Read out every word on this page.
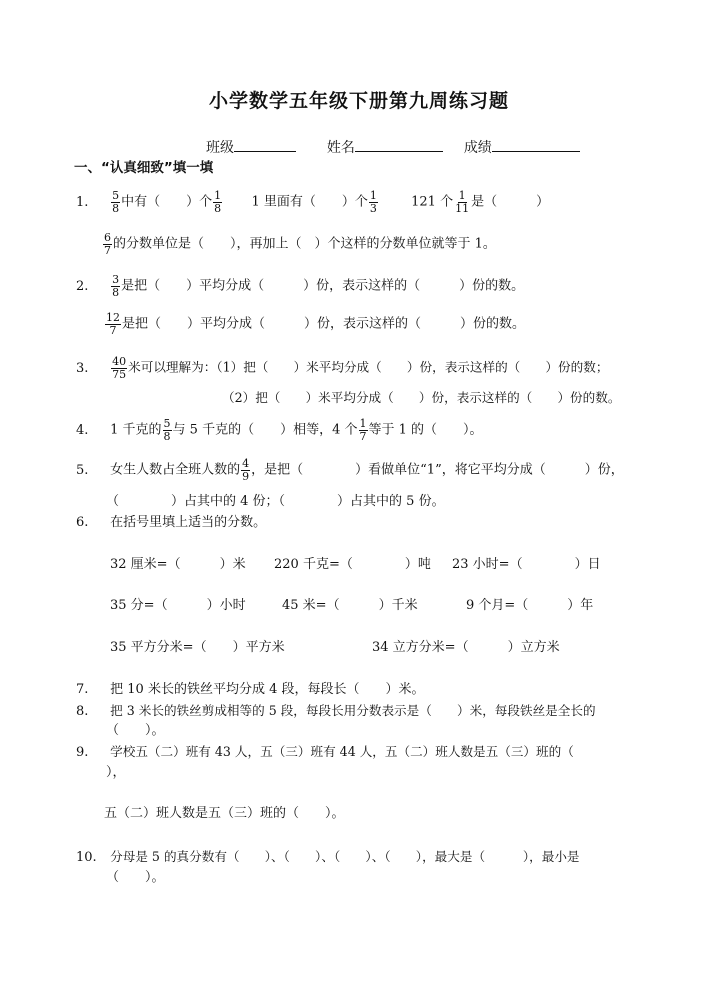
小学数学五年级下册第九周练习题
班级	姓名	成绩
一、“认真细致”填一填
1. $\frac{5}{8}$ 中有（　　）个 $\frac{1}{8} 1$ 里面有（　　）个 $\frac{1}{3}$	121 个 $\frac{1}{11}$ 是（　　　）
$\frac{6}{7}$ 的分数单位是（　　），再加上（　）个这样的分数单位就等于 1。
2. $\frac{3}{8}$ 是把（　　）平均分成（　　　）份，表示这样的（　　　）份的数。
$\frac{12}{7}$ 是把（　　）平均分成（　　　）份，表示这样的（　　　）份的数。
3. $\frac{40}{75}$ 米可以理解为：（1）把（　　）米平均分成（　　）份，表示这样的（　　）份的数；
（2）把（　　）米平均分成（　　）份，表示这样的（　　）份的数。
4. 1 千克的 $\frac{5}{8}$ 与 5 千克的（　　）相等，4 个 $\frac{1}{7}$ 等于 1 的（　　）。
5. 女生人数占全班人数的 $\frac{4}{9}$ ，是把（　　　　）看做单位“1”，将它平均分成（　　　）份，
（　　　　）占其中的 4 份；（　　　　）占其中的 5 份。
6. 在括号里填上适当的分数。
32 厘米=（　　　）米 220 千克=（　　　　）吨 23 小时=（　　　　）日
35 分=（　　　）小时	45 米=（　　　）千米	9 个月=（　　　）年
35 平方分米=（　　）平方米	34 立方分米=（　　　）立方米
7. 把 10 米长的铁丝平均分成 4 段，每段长（　　）米。
8. 把 3 米长的铁丝剪成相等的 5 段，每段长用分数表示是（　　）米，每段铁丝是全长的
（　　）。
9. 学校五（二）班有 43 人，五（三）班有 44 人，五（二）班人数是五（三）班的（
），
五（二）班人数是五（三）班的（　　）。
10. 分母是 5 的真分数有（　　）、（　　）、（　　）、（　　），最大是（　　　），最小是
（　　）。
